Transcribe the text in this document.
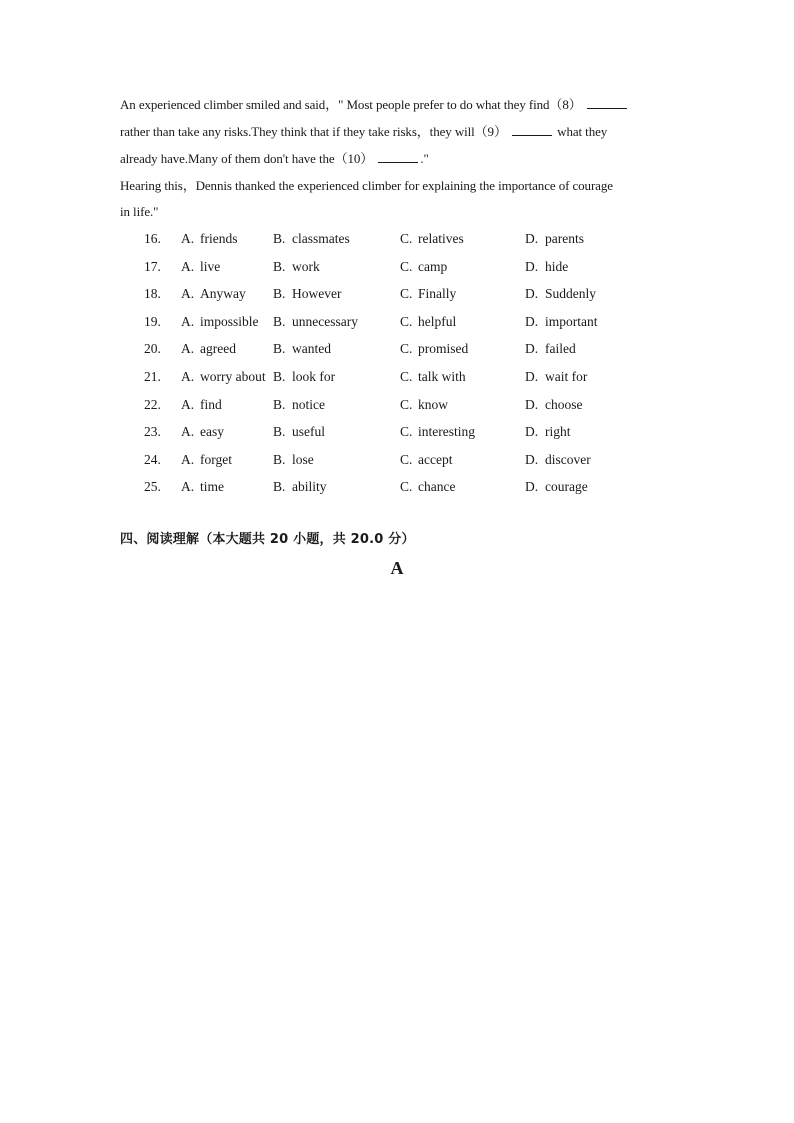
An experienced climber smiled and said，" Most people prefer to do what they find（8）
rather than take any risks.They think that if they take risks，they will（9）	what they
already have.Many of them don't have the（10）	."
Hearing this，Dennis thanked the experienced climber for explaining the importance of courage
in life."
16. A. friends	B. classmates	C. relatives	D. parents
17. A. live	B. work	C. camp	D. hide
18. A. Anyway B. However	C. Finally	D. Suddenly
19. A. impossible B. unnecessary	C. helpful	D. important
20. A. agreed	B. wanted	C. promised	D. failed
21. A. worry about B. look for	C. talk with	D. wait for
22. A. find	B. notice	C. know	D. choose
23. A. easy	B. useful	C. interesting	D. right
24. A. forget	B. lose	C. accept	D. discover
25. A. time	B. ability	C. chance	D. courage
四、阅读理解（本大题共 20 小题，共 20.0 分）
A
